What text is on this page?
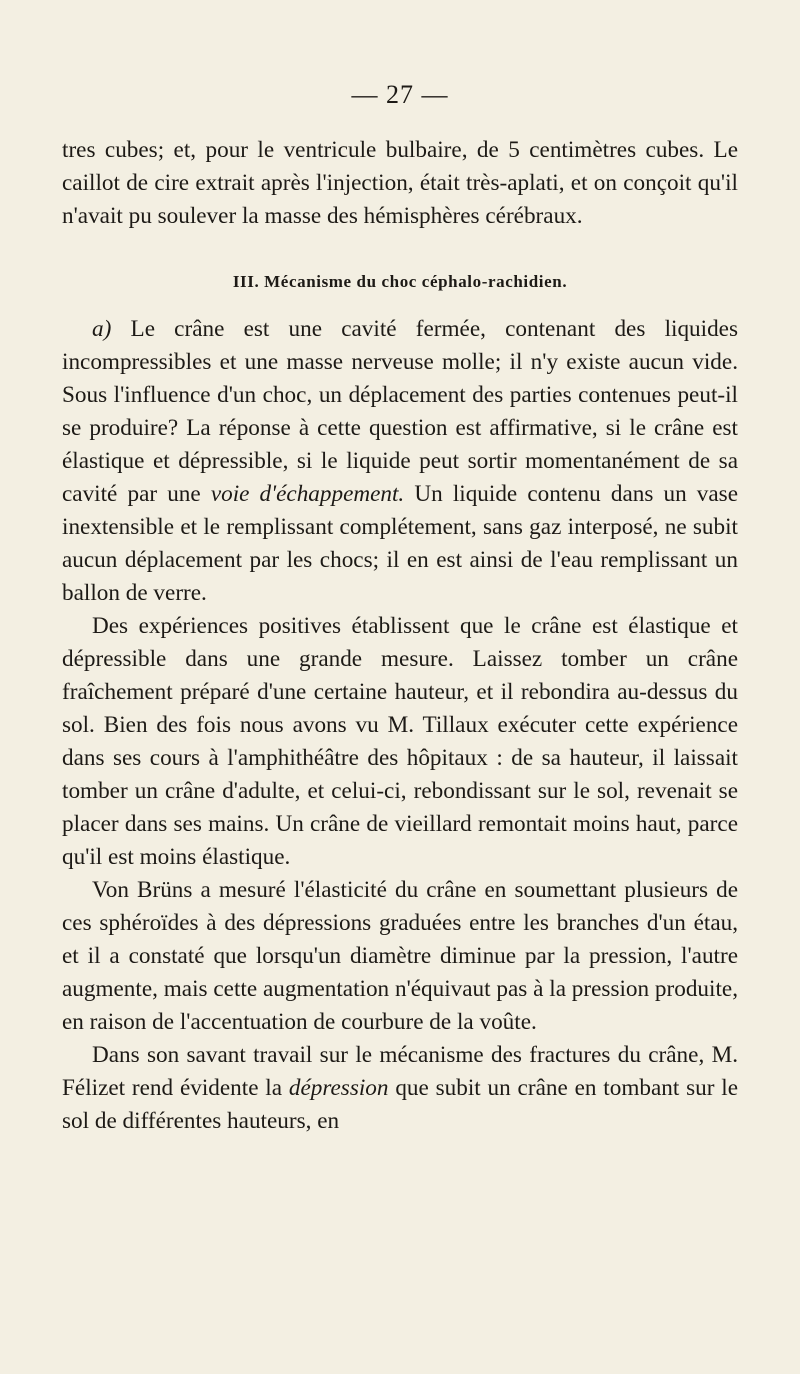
— 27 —

tres cubes; et, pour le ventricule bulbaire, de 5 centimètres cubes. Le caillot de cire extrait après l'injection, était très-aplati, et on conçoit qu'il n'avait pu soulever la masse des hémisphères cérébraux.

III. Mécanisme du choc céphalo-rachidien.

a) Le crâne est une cavité fermée, contenant des liquides incompressibles et une masse nerveuse molle; il n'y existe aucun vide. Sous l'influence d'un choc, un déplacement des parties contenues peut-il se produire? La réponse à cette question est affirmative, si le crâne est élastique et dépressible, si le liquide peut sortir momentanément de sa cavité par une voie d'échappement. Un liquide contenu dans un vase inextensible et le remplissant complétement, sans gaz interposé, ne subit aucun déplacement par les chocs; il en est ainsi de l'eau remplissant un ballon de verre.

Des expériences positives établissent que le crâne est élastique et dépressible dans une grande mesure. Laissez tomber un crâne fraîchement préparé d'une certaine hauteur, et il rebondira au-dessus du sol. Bien des fois nous avons vu M. Tillaux exécuter cette expérience dans ses cours à l'amphithéâtre des hôpitaux : de sa hauteur, il laissait tomber un crâne d'adulte, et celui-ci, rebondissant sur le sol, revenait se placer dans ses mains. Un crâne de vieillard remontait moins haut, parce qu'il est moins élastique.

Von Brüns a mesuré l'élasticité du crâne en soumettant plusieurs de ces sphéroïdes à des dépressions graduées entre les branches d'un étau, et il a constaté que lorsqu'un diamètre diminue par la pression, l'autre augmente, mais cette augmentation n'équivaut pas à la pression produite, en raison de l'accentuation de courbure de la voûte.

Dans son savant travail sur le mécanisme des fractures du crâne, M. Félizet rend évidente la dépression que subit un crâne en tombant sur le sol de différentes hauteurs, en
